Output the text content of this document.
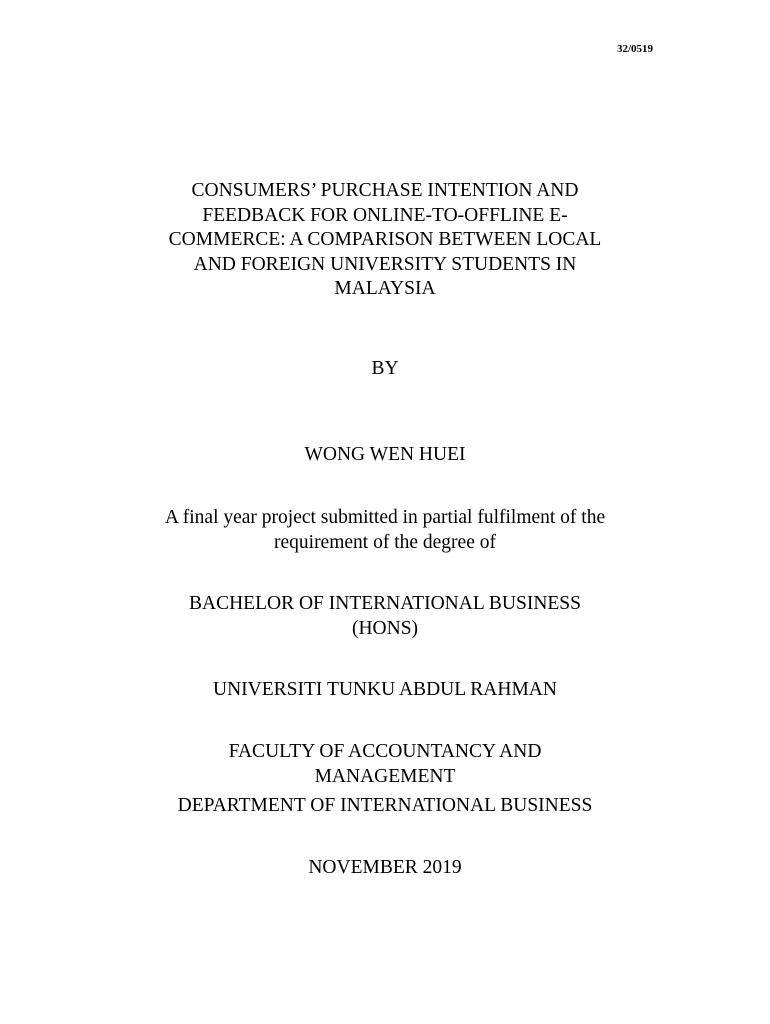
32/0519

CONSUMERS’ PURCHASE INTENTION AND

FEEDBACK FOR ONLINE-TO-OFFLINE E-

COMMERCE: A COMPARISON BETWEEN LOCAL

AND FOREIGN UNIVERSITY STUDENTS IN

MALAYSIA

BY

WONG WEN HUEI

A final year project submitted in partial fulfilment of the

requirement of the degree of

BACHELOR OF INTERNATIONAL BUSINESS

(HONS)

UNIVERSITI TUNKU ABDUL RAHMAN

FACULTY OF ACCOUNTANCY AND

MANAGEMENT

DEPARTMENT OF INTERNATIONAL BUSINESS

NOVEMBER 2019
